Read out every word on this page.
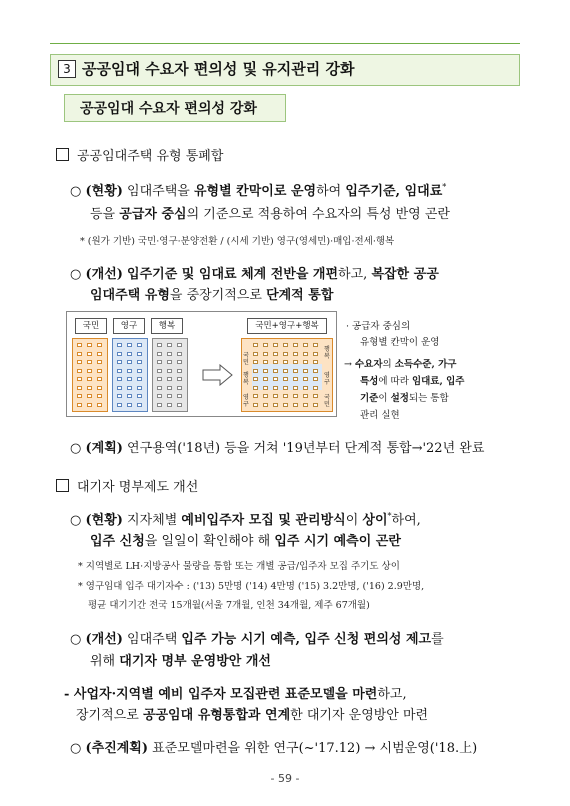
3 공공임대 수요자 편의성 및 유지관리 강화
공공임대 수요자 편의성 강화
공공임대주택 유형 통폐합
○ (현황) 임대주택을 유형별 칸막이로 운영하여 입주기준, 임대료*
등을 공급자 중심의 기준으로 적용하여 수요자의 특성 반영 곤란
* (원가 기반) 국민·영구·분양전환 / (시세 기반) 영구(영세민)·매입·전세·행복
○ (개선) 입주기준 및 임대료 체계 전반을 개편하고, 복잡한 공공
임대주택 유형을 중장기적으로 단계적 통합
국민	영구	행복	국민+영구+행복
국민
행복
영구
행복
영구
국민
· 공급자 중심의
유형별 칸막이 운영
→ 수요자의 소득수준, 가구
특성에 따라 임대료, 입주
기준이 설정되는 통합
관리 실현
○ (계획) 연구용역('18년) 등을 거쳐 '19년부터 단계적 통합→'22년 완료
대기자 명부제도 개선
○ (현황) 지자체별 예비입주자 모집 및 관리방식이 상이*하여,
입주 신청을 일일이 확인해야 해 입주 시기 예측이 곤란
* 지역별로 LH·지방공사 물량을 통합 또는 개별 공급/입주자 모집 주기도 상이
* 영구임대 입주 대기자수 : ('13) 5만명 ('14) 4만명 ('15) 3.2만명, ('16) 2.9만명,
평균 대기기간 전국 15개월(서울 7개월, 인천 34개월, 제주 67개월)
○ (개선) 임대주택 입주 가능 시기 예측, 입주 신청 편의성 제고를
위해 대기자 명부 운영방안 개선
- 사업자·지역별 예비 입주자 모집관련 표준모델을 마련하고,
장기적으로 공공임대 유형통합과 연계한 대기자 운영방안 마련
○ (추진계획) 표준모델마련을 위한 연구(~'17.12) → 시범운영('18.上)
- 59 -
